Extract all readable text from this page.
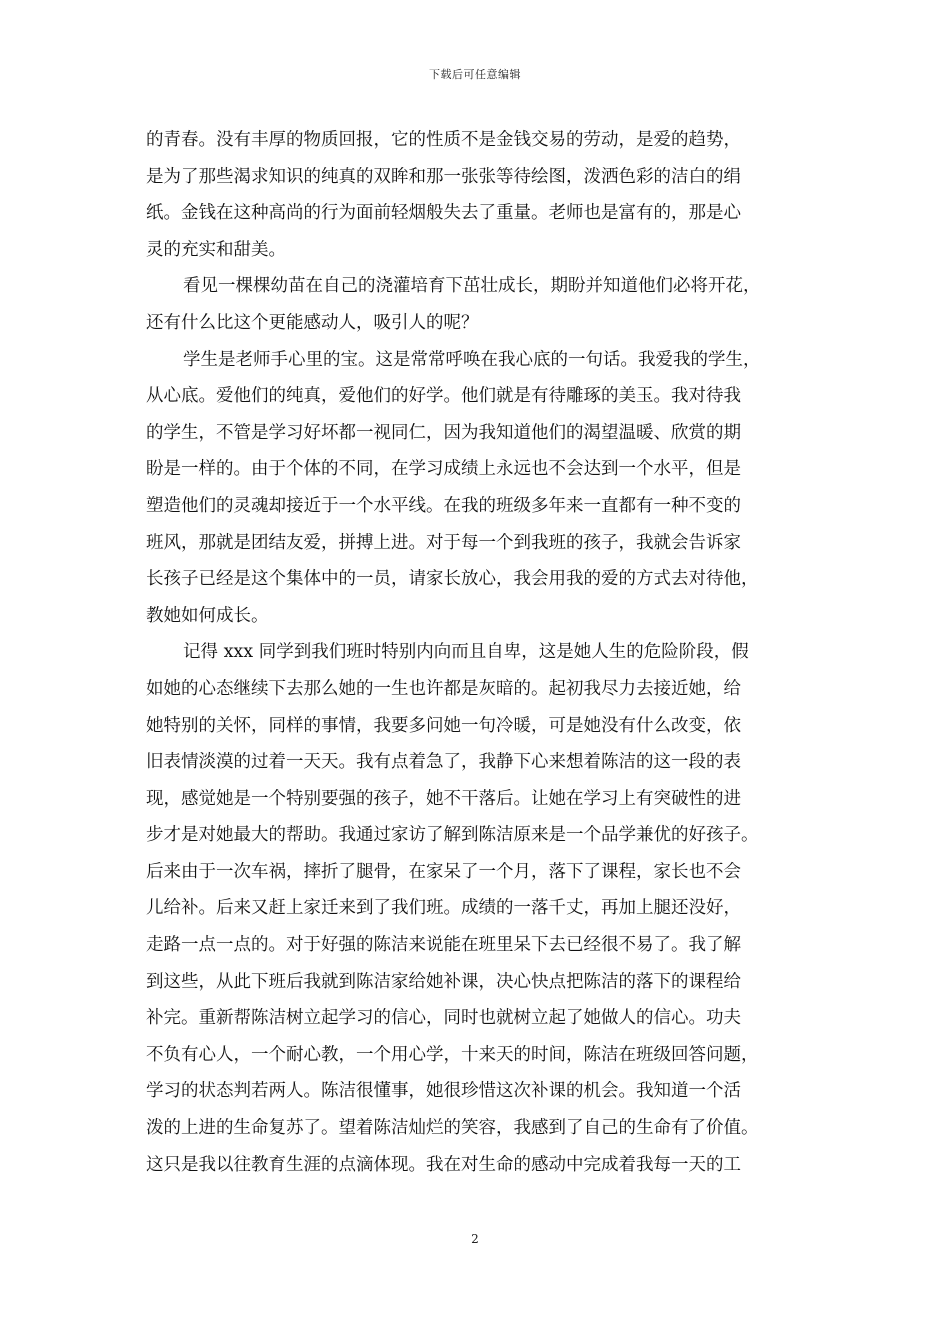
下载后可任意编辑
的青春。没有丰厚的物质回报，它的性质不是金钱交易的劳动，是爱的趋势，
是为了那些渴求知识的纯真的双眸和那一张张等待绘图，泼洒色彩的洁白的绢
纸。金钱在这种高尚的行为面前轻烟般失去了重量。老师也是富有的，那是心
灵的充实和甜美。
看见一棵棵幼苗在自己的浇灌培育下茁壮成长，期盼并知道他们必将开花，
还有什么比这个更能感动人，吸引人的呢？
学生是老师手心里的宝。这是常常呼唤在我心底的一句话。我爱我的学生，
从心底。爱他们的纯真，爱他们的好学。他们就是有待雕琢的美玉。我对待我
的学生，不管是学习好坏都一视同仁，因为我知道他们的渴望温暖、欣赏的期
盼是一样的。由于个体的不同，在学习成绩上永远也不会达到一个水平，但是
塑造他们的灵魂却接近于一个水平线。在我的班级多年来一直都有一种不变的
班风，那就是团结友爱，拼搏上进。对于每一个到我班的孩子，我就会告诉家
长孩子已经是这个集体中的一员，请家长放心，我会用我的爱的方式去对待他，
教她如何成长。
记得 xxx 同学到我们班时特别内向而且自卑，这是她人生的危险阶段，假
如她的心态继续下去那么她的一生也许都是灰暗的。起初我尽力去接近她，给
她特别的关怀，同样的事情，我要多问她一句冷暖，可是她没有什么改变，依
旧表情淡漠的过着一天天。我有点着急了，我静下心来想着陈洁的这一段的表
现，感觉她是一个特别要强的孩子，她不干落后。让她在学习上有突破性的进
步才是对她最大的帮助。我通过家访了解到陈洁原来是一个品学兼优的好孩子。
后来由于一次车祸，摔折了腿骨，在家呆了一个月，落下了课程，家长也不会
儿给补。后来又赶上家迁来到了我们班。成绩的一落千丈，再加上腿还没好，
走路一点一点的。对于好强的陈洁来说能在班里呆下去已经很不易了。我了解
到这些，从此下班后我就到陈洁家给她补课，决心快点把陈洁的落下的课程给
补完。重新帮陈洁树立起学习的信心，同时也就树立起了她做人的信心。功夫
不负有心人，一个耐心教，一个用心学，十来天的时间，陈洁在班级回答问题，
学习的状态判若两人。陈洁很懂事，她很珍惜这次补课的机会。我知道一个活
泼的上进的生命复苏了。望着陈洁灿烂的笑容，我感到了自己的生命有了价值。
这只是我以往教育生涯的点滴体现。我在对生命的感动中完成着我每一天的工
2
